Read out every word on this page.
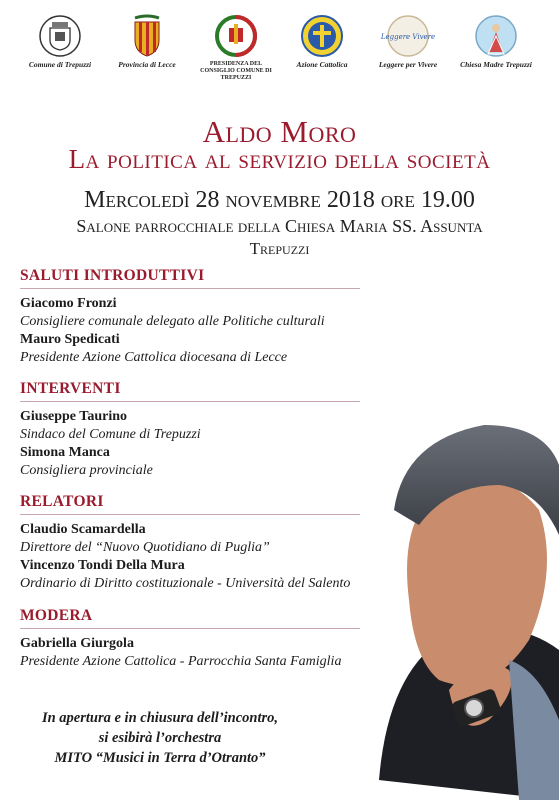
Comune di Trepuzzi	Provincia di Lecce	PRESIDENZA DEL CONSIGLIO COMUNE DI TREPUZZI
Azione Cattolica
Leggere Vivere
Leggere per Vivere	Chiesa Madre Trepuzzi
Aldo Moro
La politica al servizio della società
Mercoledì 28 novembre 2018 ore 19.00
Salone parrocchiale della Chiesa Maria SS. Assunta
Trepuzzi
SALUTI INTRODUTTIVI
Giacomo Fronzi
Consigliere comunale delegato alle Politiche culturali
Mauro Spedicati
Presidente Azione Cattolica diocesana di Lecce
INTERVENTI
Giuseppe Taurino
Sindaco del Comune di Trepuzzi
Simona Manca
Consigliera provinciale
RELATORI
Claudio Scamardella
Direttore del “Nuovo Quotidiano di Puglia”
Vincenzo Tondi Della Mura
Ordinario di Diritto costituzionale - Università del Salento
MODERA
Gabriella Giurgola
Presidente Azione Cattolica - Parrocchia Santa Famiglia
In apertura e in chiusura dell’incontro,
si esibirà l’orchestra
MITO “Musici in Terra d’Otranto”
